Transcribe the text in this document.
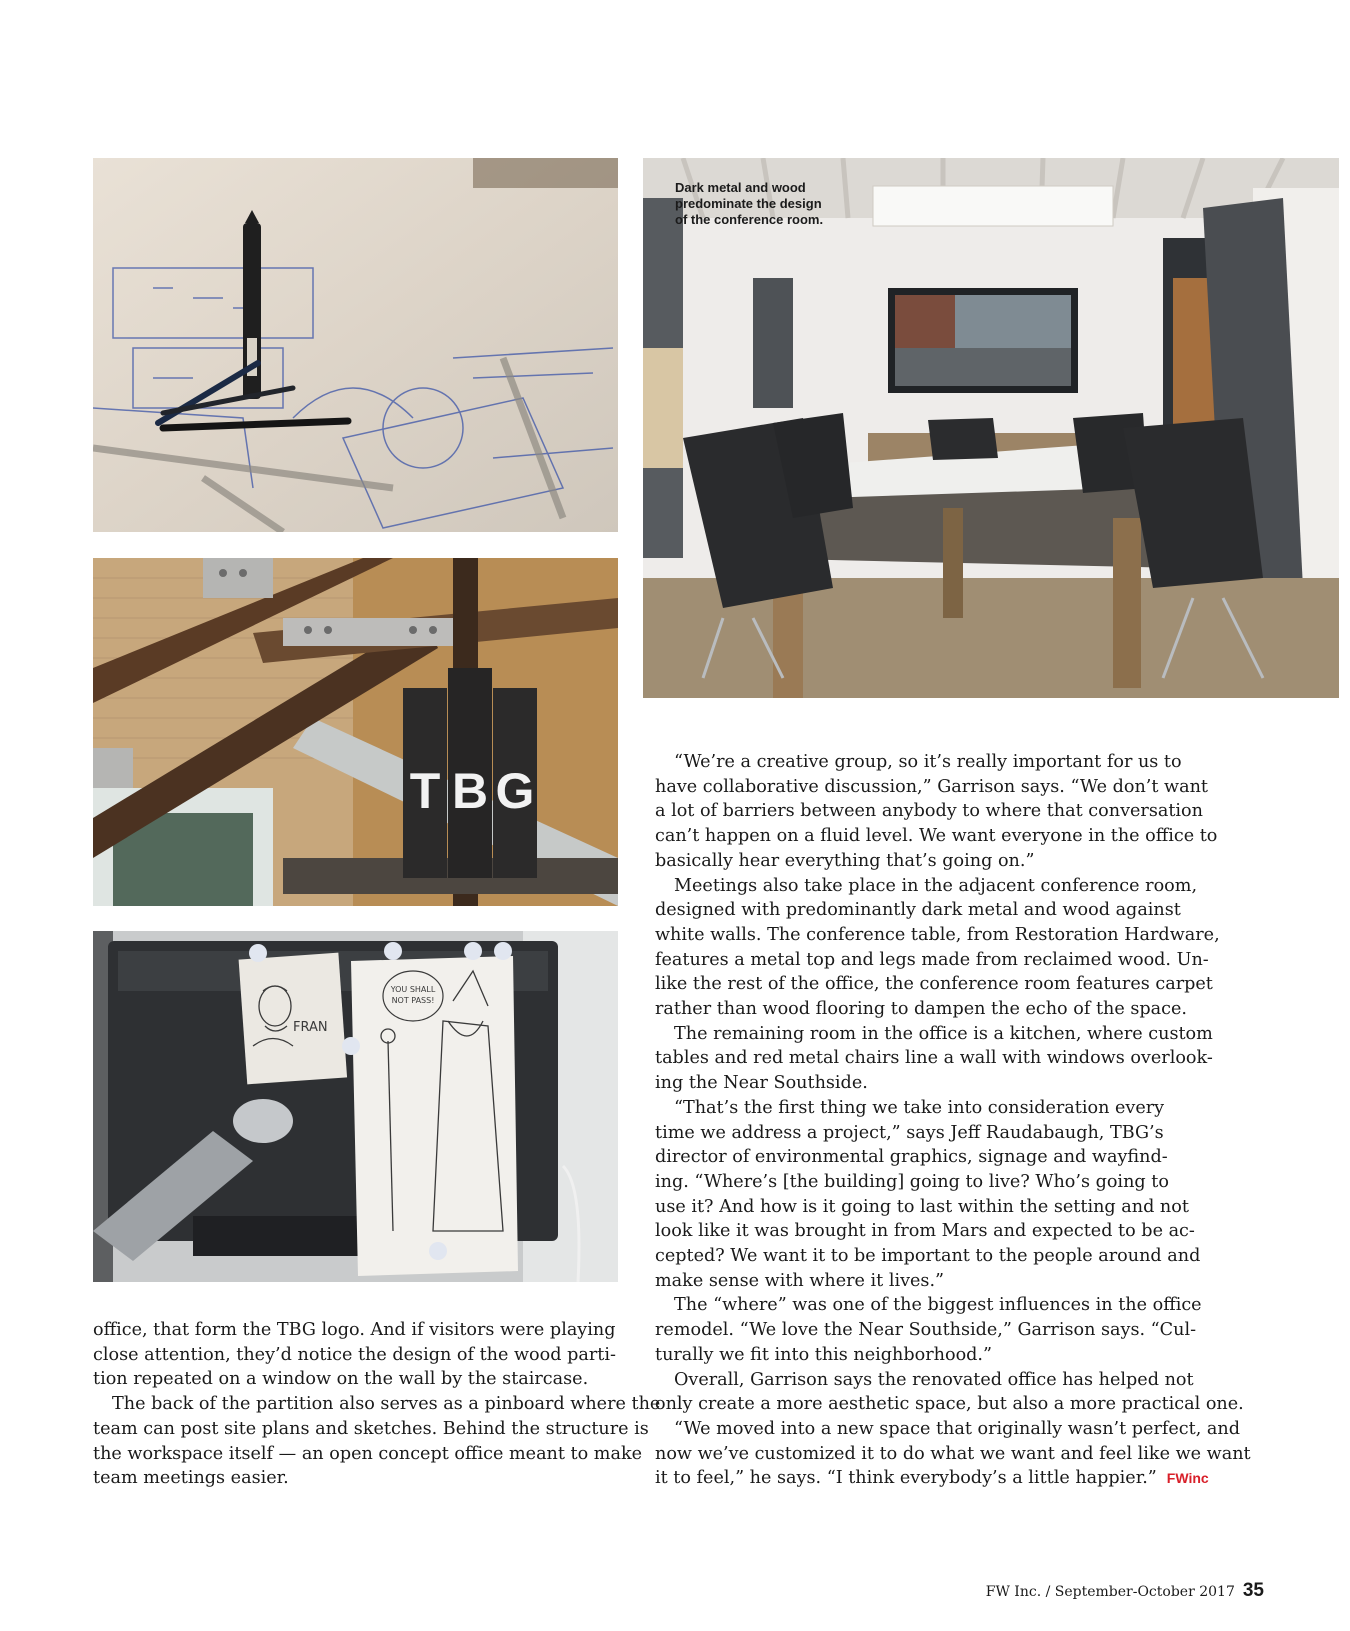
T B G
FRAN
YOU SHALL
NOT PASS!
Dark metal and wood
predominate the design
of the conference room.

office, that form the TBG logo. And if visitors were playing
close attention, they’d notice the design of the wood parti-
tion repeated on a window on the wall by the staircase.

The back of the partition also serves as a pinboard where the
team can post site plans and sketches. Behind the structure is
the workspace itself — an open concept office meant to make
team meetings easier.

“We’re a creative group, so it’s really important for us to
have collaborative discussion,” Garrison says. “We don’t want
a lot of barriers between anybody to where that conversation
can’t happen on a fluid level. We want everyone in the office to
basically hear everything that’s going on.”

Meetings also take place in the adjacent conference room,
designed with predominantly dark metal and wood against
white walls. The conference table, from Restoration Hardware,
features a metal top and legs made from reclaimed wood. Un-
like the rest of the office, the conference room features carpet
rather than wood flooring to dampen the echo of the space.

The remaining room in the office is a kitchen, where custom
tables and red metal chairs line a wall with windows overlook-
ing the Near Southside.

“That’s the first thing we take into consideration every
time we address a project,” says Jeff Raudabaugh, TBG’s
director of environmental graphics, signage and wayfind-
ing. “Where’s [the building] going to live? Who’s going to
use it? And how is it going to last within the setting and not
look like it was brought in from Mars and expected to be ac-
cepted? We want it to be important to the people around and
make sense with where it lives.”

The “where” was one of the biggest influences in the office
remodel. “We love the Near Southside,” Garrison says. “Cul-
turally we fit into this neighborhood.”

Overall, Garrison says the renovated office has helped not
only create a more aesthetic space, but also a more practical one.

“We moved into a new space that originally wasn’t perfect, and
now we’ve customized it to do what we want and feel like we want
it to feel,” he says. “I think everybody’s a little happier.” FWinc

FW Inc. / September-October 2017 35
